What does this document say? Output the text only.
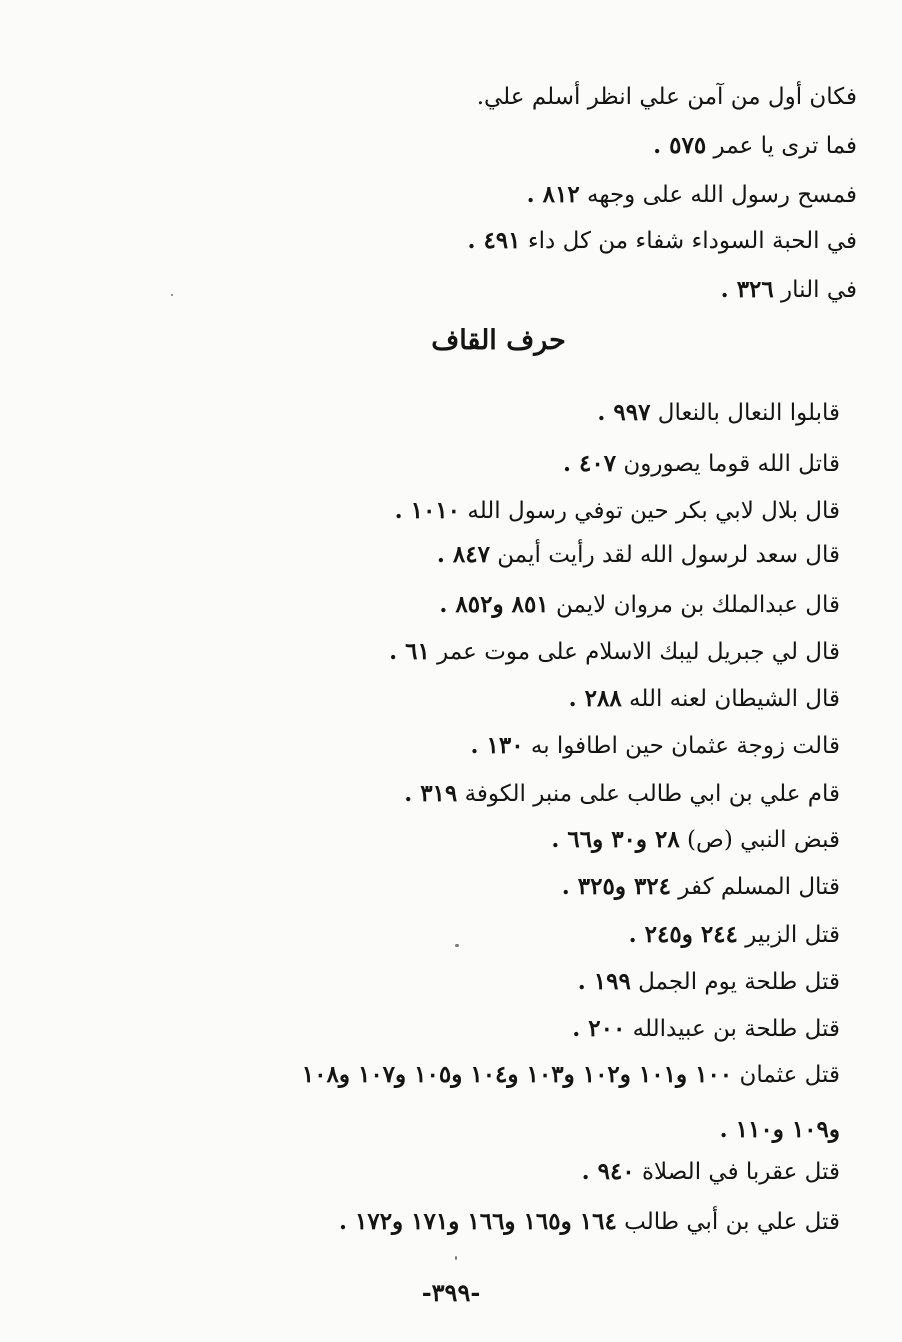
فكان أول من آمن علي انظر أسلم علي.
فما ترى يا عمر ٥٧٥ .
فمسح رسول الله على وجهه ٨١٢ .
في الحبة السوداء شفاء من كل داء ٤٩١ .
في النار ٣٢٦ .
حرف القاف
قابلوا النعال بالنعال ٩٩٧ .
قاتل الله قوما يصورون ٤٠٧ .
قال بلال لابي بكر حين توفي رسول الله ١٠١٠ .
قال سعد لرسول الله لقد رأيت أيمن ٨٤٧ .
قال عبدالملك بن مروان لايمن ٨٥١ و٨٥٢ .
قال لي جبريل ليبك الاسلام على موت عمر ٦١ .
قال الشيطان لعنه الله ٢٨٨ .
قالت زوجة عثمان حين اطافوا به ١٣٠ .
قام علي بن ابي طالب على منبر الكوفة ٣١٩ .
قبض النبي (ص) ٢٨ و٣٠ و٦٦ .
قتال المسلم كفر ٣٢٤ و٣٢٥ .
قتل الزبير ٢٤٤ و٢٤٥ .
قتل طلحة يوم الجمل ١٩٩ .
قتل طلحة بن عبيدالله ٢٠٠ .
قتل عثمان ١٠٠ و١٠١ و١٠٢ و١٠٣ و١٠٤ و١٠٥ و١٠٧ و١٠٨
و١٠٩ و١١٠ .
قتل عقربا في الصلاة ٩٤٠ .
قتل علي بن أبي طالب ١٦٤ و١٦٥ و١٦٦ و١٧١ و١٧٢ .
-٣٩٩-
